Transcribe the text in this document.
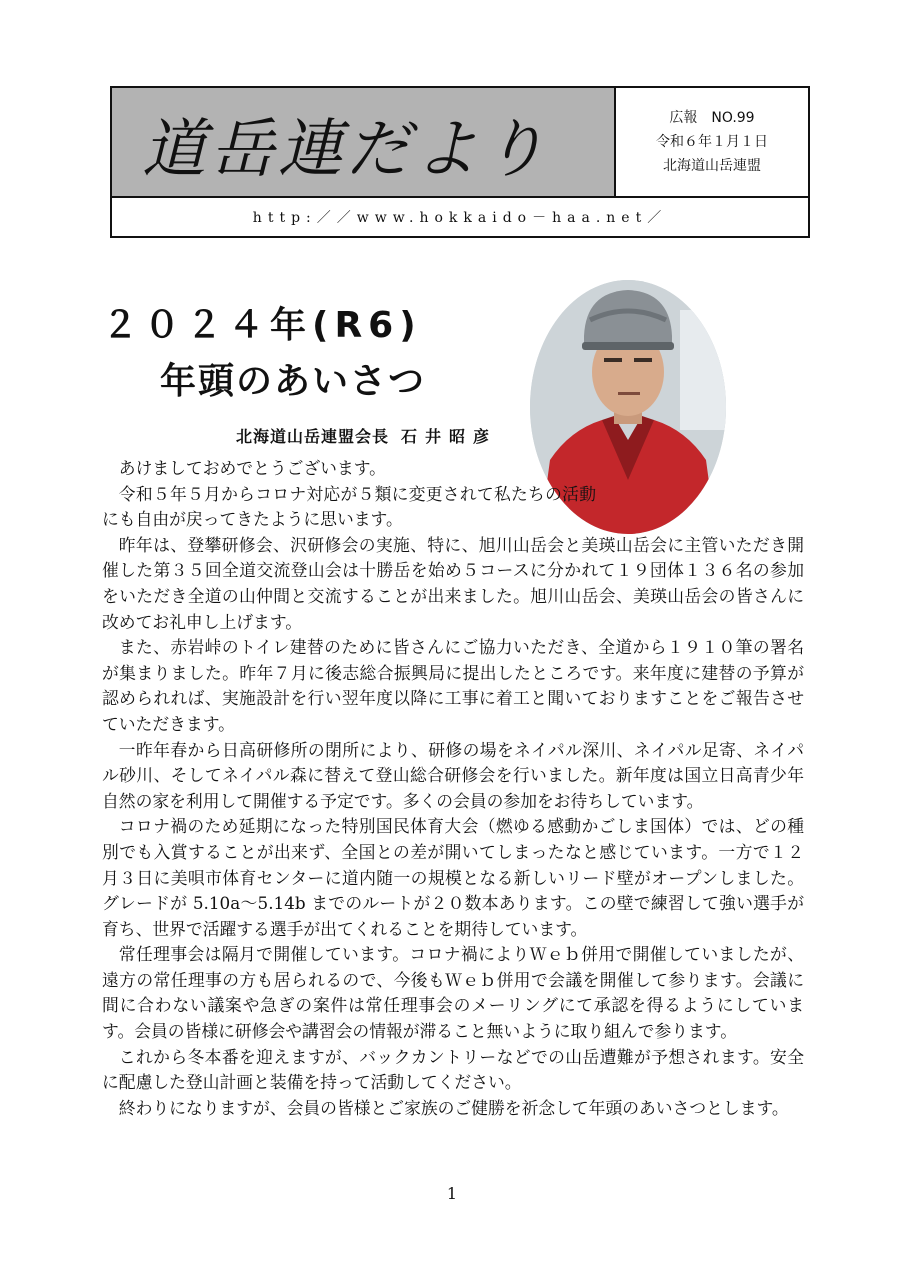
道岳連だより	広報　NO.99
令和６年１月１日
北海道山岳連盟
http:／／www.hokkaido－haa.net／
２０２４年(R6)
年頭のあいさつ
北海道山岳連盟会長 石井昭彦

あけましておめでとうございます。

令和５年５月からコロナ対応が５類に変更されて私たちの活動にも自由が戻ってきたように思います。

昨年は、登攀研修会、沢研修会の実施、特に、旭川山岳会と美瑛山岳会に主管いただき開催した第３５回全道交流登山会は十勝岳を始め５コースに分かれて１９団体１３６名の参加をいただき全道の山仲間と交流することが出来ました。旭川山岳会、美瑛山岳会の皆さんに改めてお礼申し上げます。

また、赤岩峠のトイレ建替のために皆さんにご協力いただき、全道から１９１０筆の署名が集まりました。昨年７月に後志総合振興局に提出したところです。来年度に建替の予算が認められれば、実施設計を行い翌年度以降に工事に着工と聞いておりますことをご報告させていただきます。

一昨年春から日高研修所の閉所により、研修の場をネイパル深川、ネイパル足寄、ネイパル砂川、そしてネイパル森に替えて登山総合研修会を行いました。新年度は国立日高青少年自然の家を利用して開催する予定です。多くの会員の参加をお待ちしています。

コロナ禍のため延期になった特別国民体育大会（燃ゆる感動かごしま国体）では、どの種別でも入賞することが出来ず、全国との差が開いてしまったなと感じています。一方で１２月３日に美唄市体育センターに道内随一の規模となる新しいリード壁がオープンしました。グレードが 5.10a～5.14b までのルートが２０数本あります。この壁で練習して強い選手が育ち、世界で活躍する選手が出てくれることを期待しています。

常任理事会は隔月で開催しています。コロナ禍によりＷｅｂ併用で開催していましたが、遠方の常任理事の方も居られるので、今後もＷｅｂ併用で会議を開催して参ります。会議に間に合わない議案や急ぎの案件は常任理事会のメーリングにて承認を得るようにしています。会員の皆様に研修会や講習会の情報が滞ること無いように取り組んで参ります。

これから冬本番を迎えますが、バックカントリーなどでの山岳遭難が予想されます。安全に配慮した登山計画と装備を持って活動してください。

終わりになりますが、会員の皆様とご家族のご健勝を祈念して年頭のあいさつとします。

1
